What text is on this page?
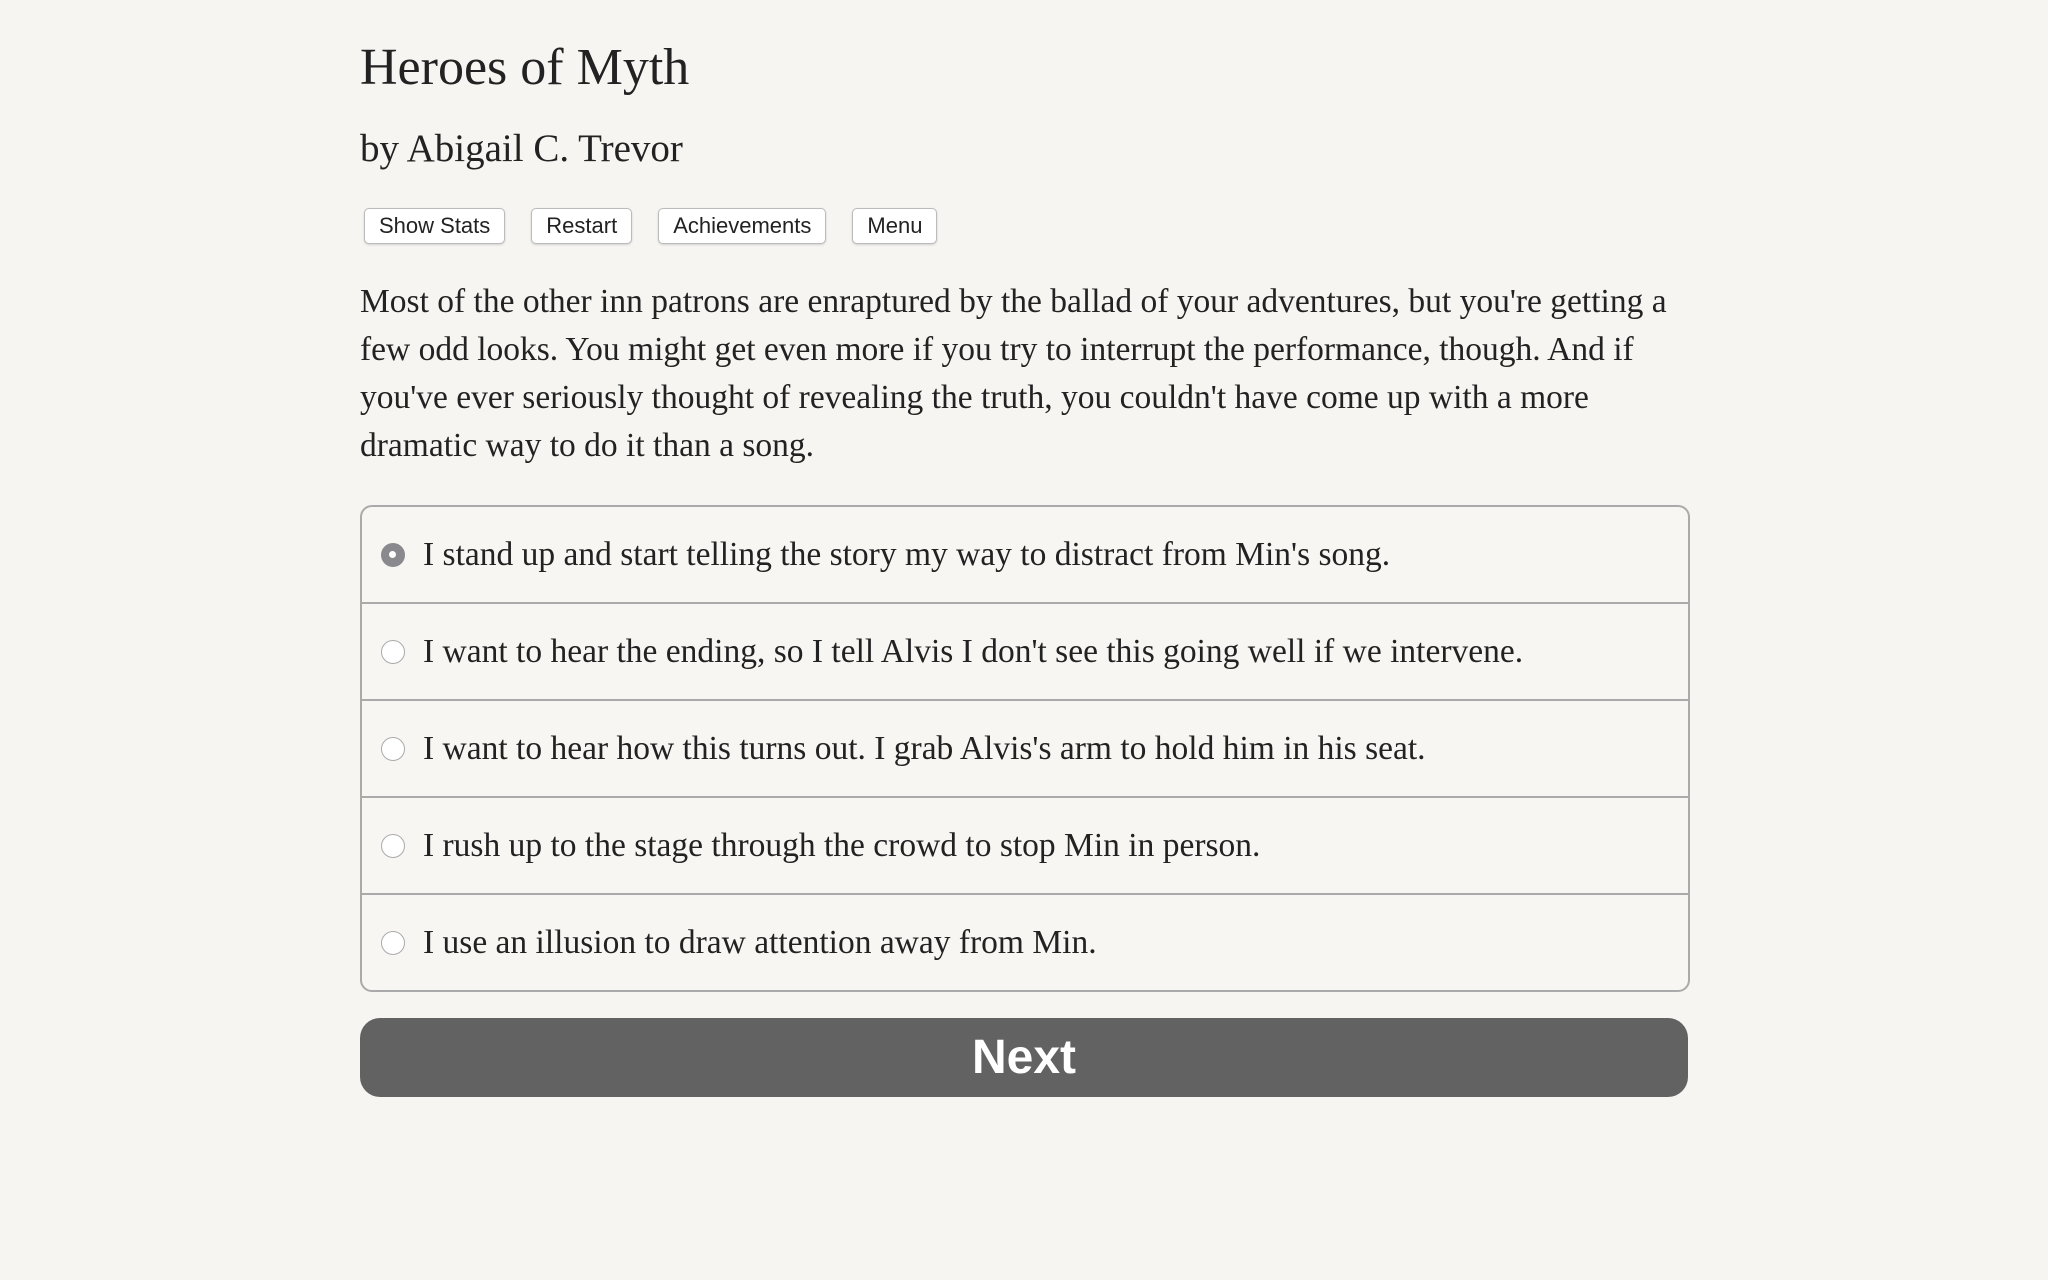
Heroes of Myth
by Abigail C. Trevor
Show Stats	Restart	Achievements	Menu

Most of the other inn patrons are enraptured by the ballad of your adventures, but you're getting a few odd looks. You might get even more if you try to interrupt the performance, though. And if you've ever seriously thought of revealing the truth, you couldn't have come up with a more dramatic way to do it than a song.

I stand up and start telling the story my way to distract from Min's song.
I want to hear the ending, so I tell Alvis I don't see this going well if we intervene.
I want to hear how this turns out. I grab Alvis's arm to hold him in his seat.
I rush up to the stage through the crowd to stop Min in person.
I use an illusion to draw attention away from Min.
Next
